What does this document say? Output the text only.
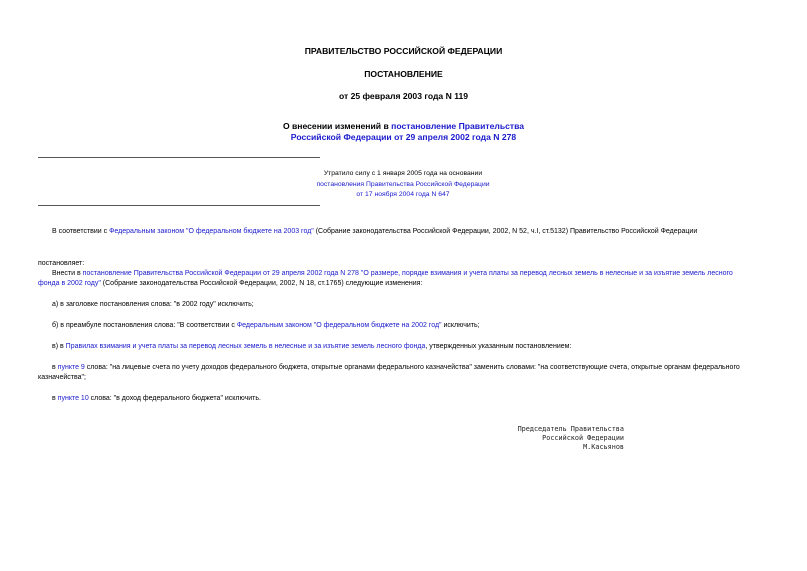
ПРАВИТЕЛЬСТВО РОССИЙСКОЙ ФЕДЕРАЦИИ
ПОСТАНОВЛЕНИЕ
от 25 февраля 2003 года N 119
О внесении изменений в постановление Правительства
Российской Федерации от 29 апреля 2002 года N 278
Утратило силу с 1 января 2005 года на основании
постановления Правительства Российской Федерации
от 17 ноября 2004 года N 647
В соответствии с Федеральным законом "О федеральном бюджете на 2003 год" (Собрание законодательства Российской Федерации, 2002, N 52, ч.I, ст.5132) Правительство Российской Федерации
постановляет:
Внести в постановление Правительства Российской Федерации от 29 апреля 2002 года N 278 "О размере, порядке взимания и учета платы за перевод лесных земель в нелесные и за изъятие земель лесного
фонда в 2002 году" (Собрание законодательства Российской Федерации, 2002, N 18, ст.1765) следующие изменения:
а) в заголовке постановления слова: "в 2002 году" исключить;
б) в преамбуле постановления слова: "В соответствии с Федеральным законом "О федеральном бюджете на 2002 год" исключить;
в) в Правилах взимания и учета платы за перевод лесных земель в нелесные и за изъятие земель лесного фонда, утвержденных указанным постановлением:
в пункте 9 слова: "на лицевые счета по учету доходов федерального бюджета, открытые органами федерального казначейства" заменить словами: "на соответствующие счета, открытые органам федерального
казначейства";
в пункте 10 слова: "в доход федерального бюджета" исключить.
Председатель Правительства
Российской Федерации
М.Касьянов
